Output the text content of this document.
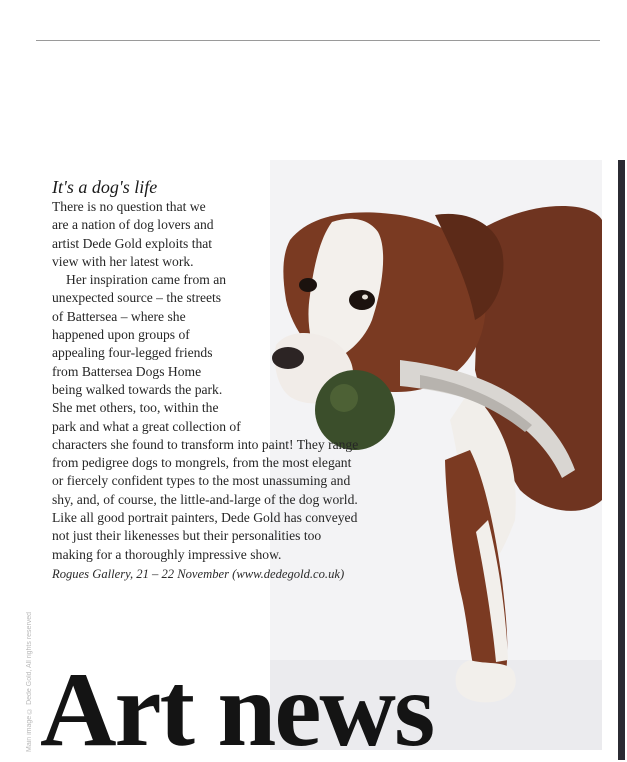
It's a dog's life

There is no question that we
are a nation of dog lovers and
artist Dede Gold exploits that
view with her latest work.

Her inspiration came from an
unexpected source – the streets
of Battersea – where she
happened upon groups of
appealing four-legged friends
from Battersea Dogs Home
being walked towards the park.
She met others, too, within the
park and what a great collection of
characters she found to transform into paint! They range
from pedigree dogs to mongrels, from the most elegant
or fiercely confident types to the most unassuming and
shy, and, of course, the little-and-large of the dog world.
Like all good portrait painters, Dede Gold has conveyed
not just their likenesses but their personalities too
making for a thoroughly impressive show.

Rogues Gallery, 21 – 22 November (www.dedegold.co.uk)

Main image © Dede Gold, All rights reserved Art news
